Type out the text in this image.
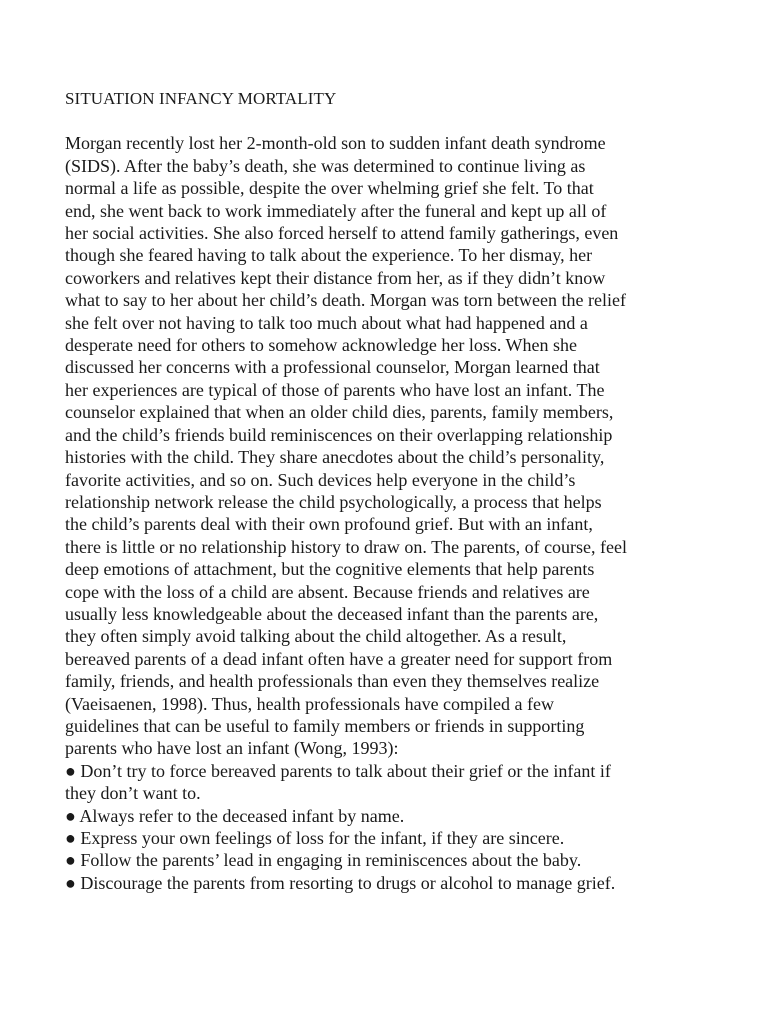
SITUATION INFANCY MORTALITY

Morgan recently lost her 2-month-old son to sudden infant death syndrome
(SIDS). After the baby’s death, she was determined to continue living as
normal a life as possible, despite the over whelming grief she felt. To that
end, she went back to work immediately after the funeral and kept up all of
her social activities. She also forced herself to attend family gatherings, even
though she feared having to talk about the experience. To her dismay, her
coworkers and relatives kept their distance from her, as if they didn’t know
what to say to her about her child’s death. Morgan was torn between the relief
she felt over not having to talk too much about what had happened and a
desperate need for others to somehow acknowledge her loss. When she
discussed her concerns with a professional counselor, Morgan learned that
her experiences are typical of those of parents who have lost an infant. The
counselor explained that when an older child dies, parents, family members,
and the child’s friends build reminiscences on their overlapping relationship
histories with the child. They share anecdotes about the child’s personality,
favorite activities, and so on. Such devices help everyone in the child’s
relationship network release the child psychologically, a process that helps
the child’s parents deal with their own profound grief. But with an infant,
there is little or no relationship history to draw on. The parents, of course, feel
deep emotions of attachment, but the cognitive elements that help parents
cope with the loss of a child are absent. Because friends and relatives are
usually less knowledgeable about the deceased infant than the parents are,
they often simply avoid talking about the child altogether. As a result,
bereaved parents of a dead infant often have a greater need for support from
family, friends, and health professionals than even they themselves realize
(Vaeisaenen, 1998). Thus, health professionals have compiled a few
guidelines that can be useful to family members or friends in supporting
parents who have lost an infant (Wong, 1993):

● Don’t try to force bereaved parents to talk about their grief or the infant if
they don’t want to.
● Always refer to the deceased infant by name.
● Express your own feelings of loss for the infant, if they are sincere.
● Follow the parents’ lead in engaging in reminiscences about the baby.
● Discourage the parents from resorting to drugs or alcohol to manage grief.
